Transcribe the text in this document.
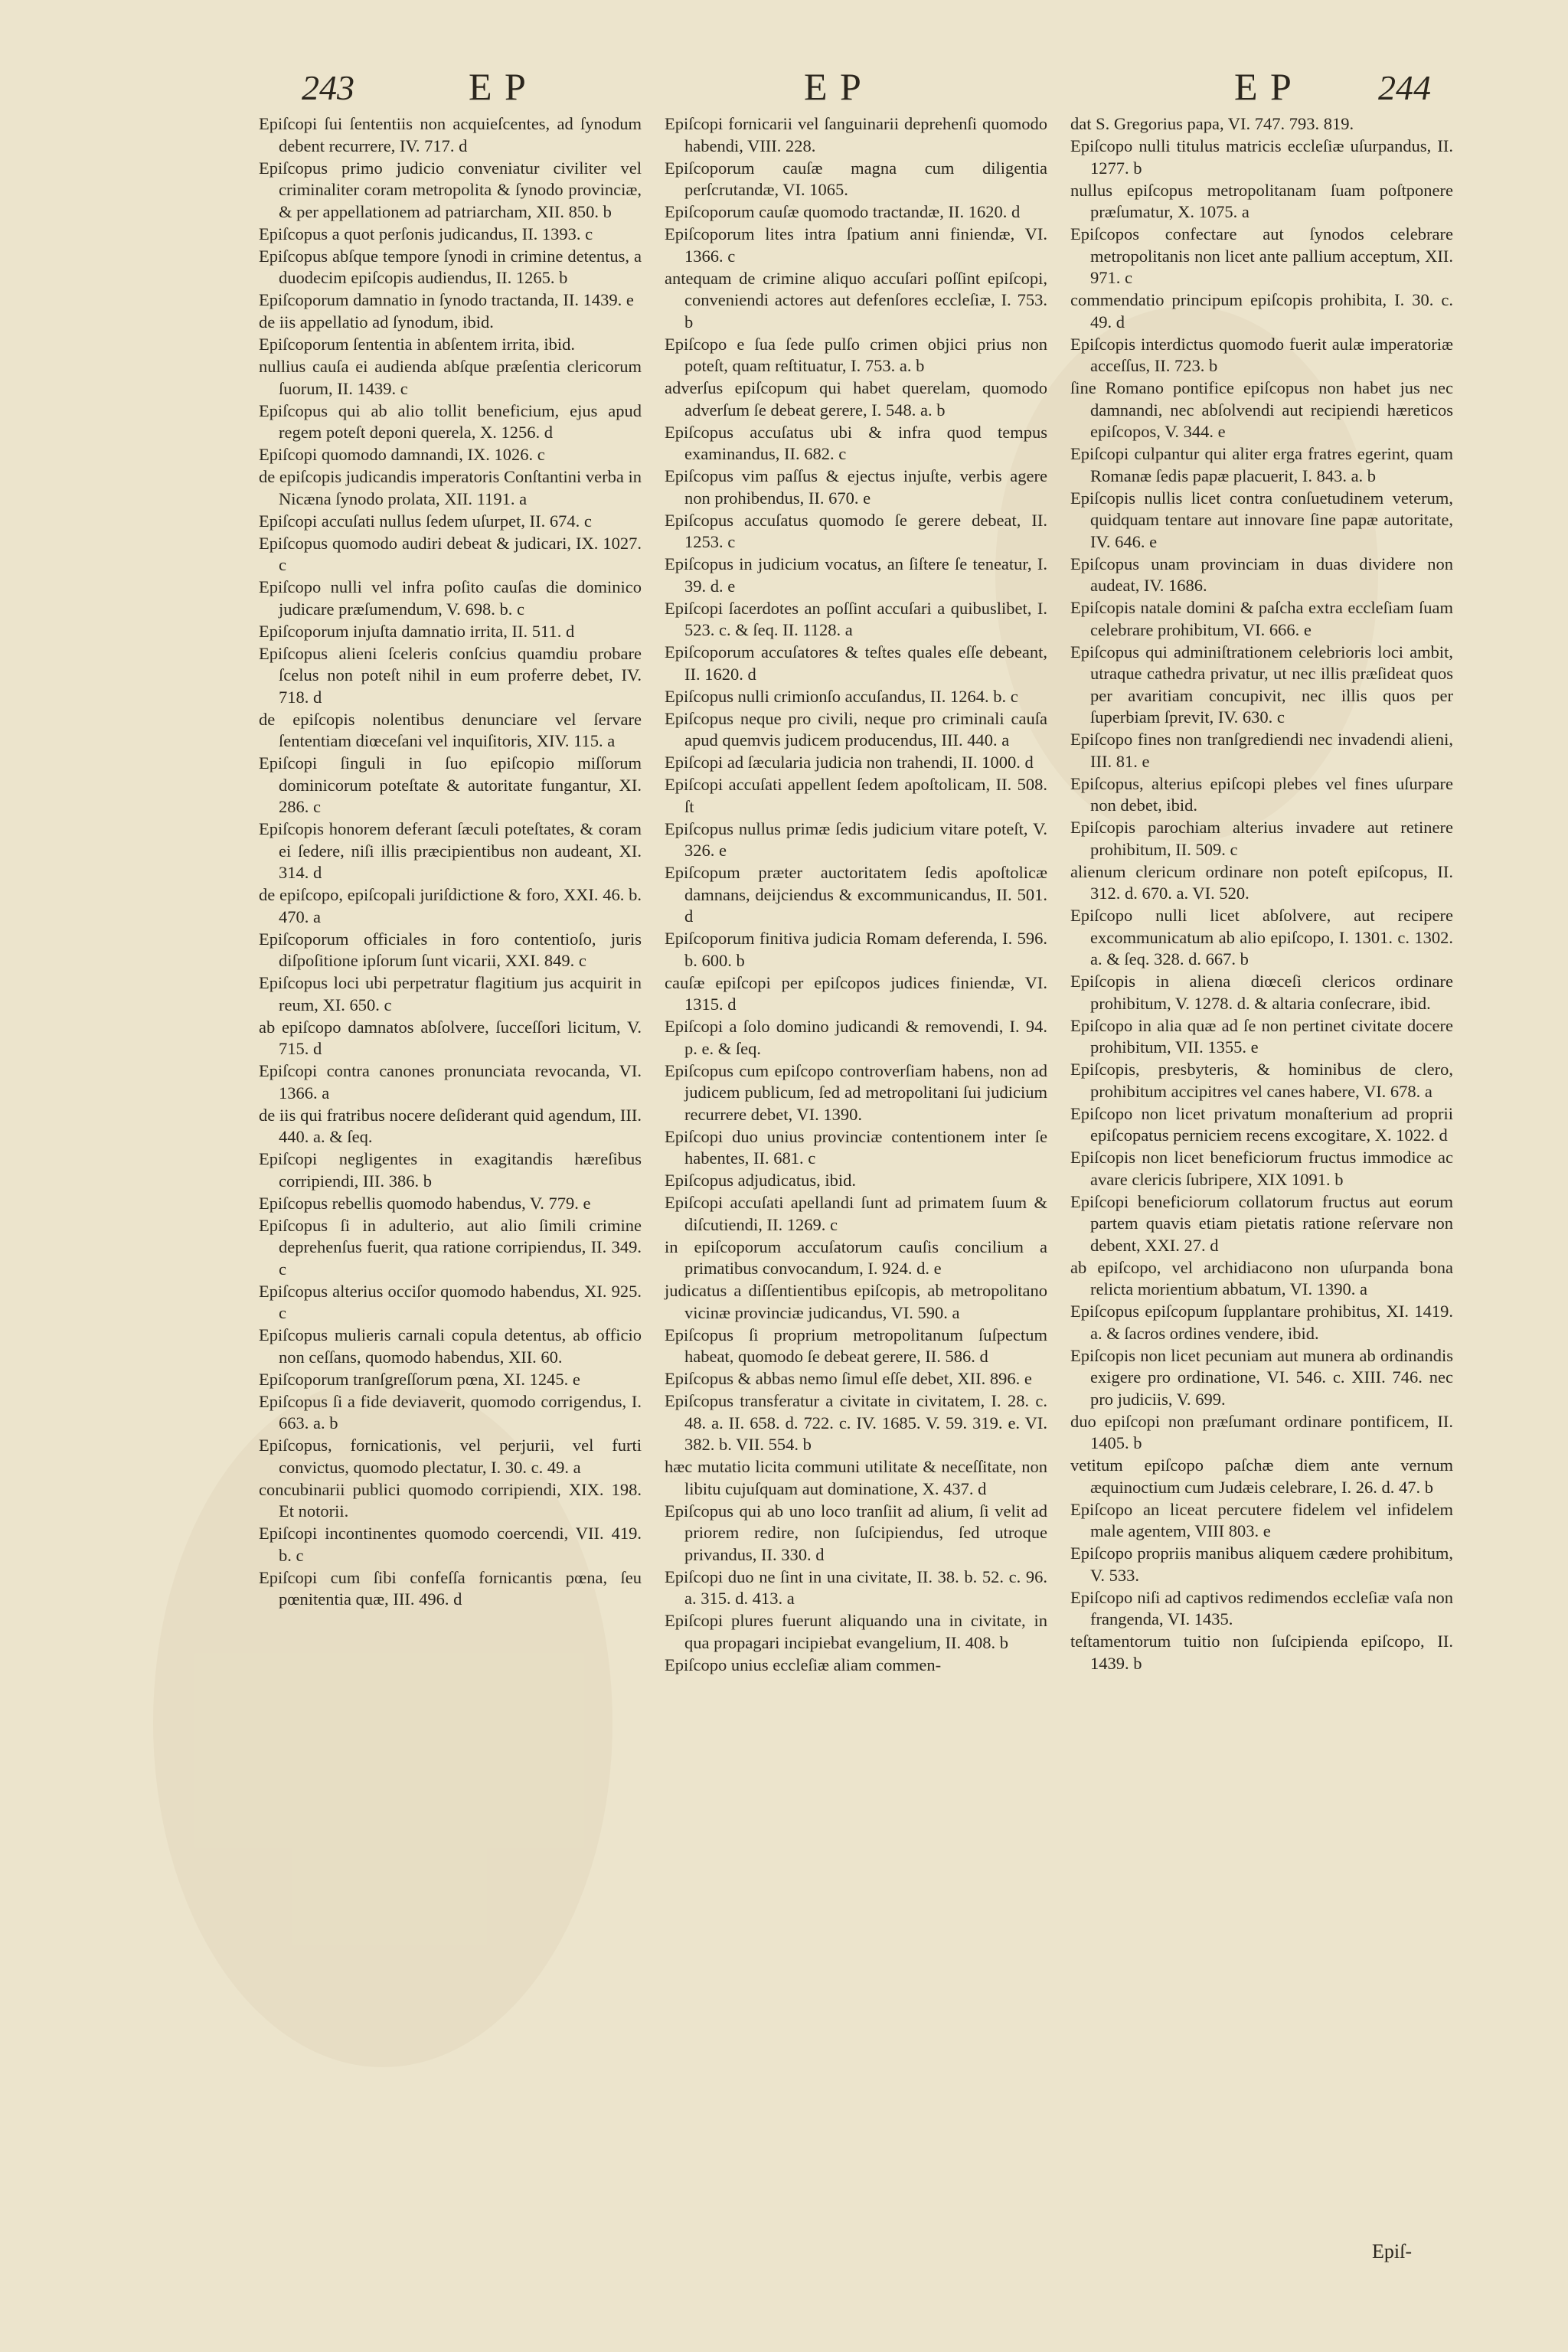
243	E P	E P	E P 244
Epiſcopi ſui ſententiis non acquieſcentes, ad ſynodum debent recurrere, IV. 717. d
Epiſcopus primo judicio conveniatur civiliter vel criminaliter coram metropolita & ſynodo provinciæ, & per appellationem ad patriarcham, XII. 850. b
Epiſcopus a quot perſonis judicandus, II. 1393. c
Epiſcopus abſque tempore ſynodi in crimine detentus, a duodecim epiſcopis audiendus, II. 1265. b
Epiſcoporum damnatio in ſynodo tractanda, II. 1439. e
de iis appellatio ad ſynodum, ibid.
Epiſcoporum ſententia in abſentem irrita, ibid.
nullius cauſa ei audienda abſque præſentia clericorum ſuorum, II. 1439. c
Epiſcopus qui ab alio tollit beneficium, ejus apud regem poteſt deponi querela, X. 1256. d
Epiſcopi quomodo damnandi, IX. 1026. c
de epiſcopis judicandis imperatoris Conſtantini verba in Nicæna ſynodo prolata, XII. 1191. a
Epiſcopi accuſati nullus ſedem uſurpet, II. 674. c
Epiſcopus quomodo audiri debeat & judicari, IX. 1027. c
Epiſcopo nulli vel infra poſito cauſas die dominico judicare præſumendum, V. 698. b. c
Epiſcoporum injuſta damnatio irrita, II. 511. d
Epiſcopus alieni ſceleris conſcius quamdiu probare ſcelus non poteſt nihil in eum proferre debet, IV. 718. d
de epiſcopis nolentibus denunciare vel ſervare ſententiam diœceſani vel inquiſitoris, XIV. 115. a
Epiſcopi ſinguli in ſuo epiſcopio miſſorum dominicorum poteſtate & autoritate fungantur, XI. 286. c
Epiſcopis honorem deferant ſæculi poteſtates, & coram ei ſedere, niſi illis præcipientibus non audeant, XI. 314. d
de epiſcopo, epiſcopali juriſdictione & foro, XXI. 46. b. 470. a
Epiſcoporum officiales in foro contentioſo, juris diſpoſitione ipſorum ſunt vicarii, XXI. 849. c
Epiſcopus loci ubi perpetratur flagitium jus acquirit in reum, XI. 650. c
ab epiſcopo damnatos abſolvere, ſucceſſori licitum, V. 715. d
Epiſcopi contra canones pronunciata revocanda, VI. 1366. a
de iis qui fratribus nocere deſiderant quid agendum, III. 440. a. & ſeq.
Epiſcopi negligentes in exagitandis hæreſibus corripiendi, III. 386. b
Epiſcopus rebellis quomodo habendus, V. 779. e
Epiſcopus ſi in adulterio, aut alio ſimili crimine deprehenſus fuerit, qua ratione corripiendus, II. 349. c
Epiſcopus alterius occiſor quomodo habendus, XI. 925. c
Epiſcopus mulieris carnali copula detentus, ab officio non ceſſans, quomodo habendus, XII. 60.
Epiſcoporum tranſgreſſorum pœna, XI. 1245. e
Epiſcopus ſi a fide deviaverit, quomodo corrigendus, I. 663. a. b
Epiſcopus, fornicationis, vel perjurii, vel furti convictus, quomodo plectatur, I. 30. c. 49. a
concubinarii publici quomodo corripiendi, XIX. 198. Et notorii.
Epiſcopi incontinentes quomodo coercendi, VII. 419. b. c
Epiſcopi cum ſibi confeſſa fornicantis pœna, ſeu pœnitentia quæ, III. 496. d
Epiſcopi fornicarii vel ſanguinarii deprehenſi quomodo habendi, VIII. 228.
Epiſcoporum cauſæ magna cum diligentia perſcrutandæ, VI. 1065.
Epiſcoporum cauſæ quomodo tractandæ, II. 1620. d
Epiſcoporum lites intra ſpatium anni finiendæ, VI. 1366. c
antequam de crimine aliquo accuſari poſſint epiſcopi, conveniendi actores aut defenſores eccleſiæ, I. 753. b
Epiſcopo e ſua ſede pulſo crimen objici prius non poteſt, quam reſtituatur, I. 753. a. b
adverſus epiſcopum qui habet querelam, quomodo adverſum ſe debeat gerere, I. 548. a. b
Epiſcopus accuſatus ubi & infra quod tempus examinandus, II. 682. c
Epiſcopus vim paſſus & ejectus injuſte, verbis agere non prohibendus, II. 670. e
Epiſcopus accuſatus quomodo ſe gerere debeat, II. 1253. c
Epiſcopus in judicium vocatus, an ſiſtere ſe teneatur, I. 39. d. e
Epiſcopi ſacerdotes an poſſint accuſari a quibuslibet, I. 523. c. & ſeq. II. 1128. a
Epiſcoporum accuſatores & teſtes quales eſſe debeant, II. 1620. d
Epiſcopus nulli crimionſo accuſandus, II. 1264. b. c
Epiſcopus neque pro civili, neque pro criminali cauſa apud quemvis judicem producendus, III. 440. a
Epiſcopi ad ſæcularia judicia non trahendi, II. 1000. d
Epiſcopi accuſati appellent ſedem apoſtolicam, II. 508. ſt
Epiſcopus nullus primæ ſedis judicium vitare poteſt, V. 326. e
Epiſcopum præter auctoritatem ſedis apoſtolicæ damnans, deijciendus & excommunicandus, II. 501. d
Epiſcoporum finitiva judicia Romam deferenda, I. 596. b. 600. b
cauſæ epiſcopi per epiſcopos judices finiendæ, VI. 1315. d
Epiſcopi a ſolo domino judicandi & removendi, I. 94. p. e. & ſeq.
Epiſcopus cum epiſcopo controverſiam habens, non ad judicem publicum, ſed ad metropolitani ſui judicium recurrere debet, VI. 1390.
Epiſcopi duo unius provinciæ contentionem inter ſe habentes, II. 681. c
Epiſcopus adjudicatus, ibid.
Epiſcopi accuſati apellandi ſunt ad primatem ſuum & diſcutiendi, II. 1269. c
in epiſcoporum accuſatorum cauſis concilium a primatibus convocandum, I. 924. d. e
judicatus a diſſentientibus epiſcopis, ab metropolitano vicinæ provinciæ judicandus, VI. 590. a
Epiſcopus ſi proprium metropolitanum ſuſpectum habeat, quomodo ſe debeat gerere, II. 586. d
Epiſcopus & abbas nemo ſimul eſſe debet, XII. 896. e
Epiſcopus transferatur a civitate in civitatem, I. 28. c. 48. a. II. 658. d. 722. c. IV. 1685. V. 59. 319. e. VI. 382. b. VII. 554. b
hæc mutatio licita communi utilitate & neceſſitate, non libitu cujuſquam aut dominatione, X. 437. d
Epiſcopus qui ab uno loco tranſiit ad alium, ſi velit ad priorem redire, non ſuſcipiendus, ſed utroque privandus, II. 330. d
Epiſcopi duo ne ſint in una civitate, II. 38. b. 52. c. 96. a. 315. d. 413. a
Epiſcopi plures fuerunt aliquando una in civitate, in qua propagari incipiebat evangelium, II. 408. b
Epiſcopo unius eccleſiæ aliam commen-
dat S. Gregorius papa, VI. 747. 793. 819.
Epiſcopo nulli titulus matricis eccleſiæ uſurpandus, II. 1277. b
nullus epiſcopus metropolitanam ſuam poſtponere præſumatur, X. 1075. a
Epiſcopos confectare aut ſynodos celebrare metropolitanis non licet ante pallium acceptum, XII. 971. c
commendatio principum epiſcopis prohibita, I. 30. c. 49. d
Epiſcopis interdictus quomodo fuerit aulæ imperatoriæ acceſſus, II. 723. b
ſine Romano pontifice epiſcopus non habet jus nec damnandi, nec abſolvendi aut recipiendi hæreticos epiſcopos, V. 344. e
Epiſcopi culpantur qui aliter erga fratres egerint, quam Romanæ ſedis papæ placuerit, I. 843. a. b
Epiſcopis nullis licet contra conſuetudinem veterum, quidquam tentare aut innovare ſine papæ autoritate, IV. 646. e
Epiſcopus unam provinciam in duas dividere non audeat, IV. 1686.
Epiſcopis natale domini & paſcha extra eccleſiam ſuam celebrare prohibitum, VI. 666. e
Epiſcopus qui adminiſtrationem celebrioris loci ambit, utraque cathedra privatur, ut nec illis præſideat quos per avaritiam concupivit, nec illis quos per ſuperbiam ſprevit, IV. 630. c
Epiſcopo fines non tranſgrediendi nec invadendi alieni, III. 81. e
Epiſcopus, alterius epiſcopi plebes vel fines uſurpare non debet, ibid.
Epiſcopis parochiam alterius invadere aut retinere prohibitum, II. 509. c
alienum clericum ordinare non poteſt epiſcopus, II. 312. d. 670. a. VI. 520.
Epiſcopo nulli licet abſolvere, aut recipere excommunicatum ab alio epiſcopo, I. 1301. c. 1302. a. & ſeq. 328. d. 667. b
Epiſcopis in aliena diœceſi clericos ordinare prohibitum, V. 1278. d. & altaria conſecrare, ibid.
Epiſcopo in alia quæ ad ſe non pertinet civitate docere prohibitum, VII. 1355. e
Epiſcopis, presbyteris, & hominibus de clero, prohibitum accipitres vel canes habere, VI. 678. a
Epiſcopo non licet privatum monaſterium ad proprii epiſcopatus perniciem recens excogitare, X. 1022. d
Epiſcopis non licet beneficiorum fructus immodice ac avare clericis ſubripere, XIX 1091. b
Epiſcopi beneficiorum collatorum fructus aut eorum partem quavis etiam pietatis ratione reſervare non debent, XXI. 27. d
ab epiſcopo, vel archidiacono non uſurpanda bona relicta morientium abbatum, VI. 1390. a
Epiſcopus epiſcopum ſupplantare prohibitus, XI. 1419. a. & ſacros ordines vendere, ibid.
Epiſcopis non licet pecuniam aut munera ab ordinandis exigere pro ordinatione, VI. 546. c. XIII. 746. nec pro judiciis, V. 699.
duo epiſcopi non præſumant ordinare pontificem, II. 1405. b
vetitum epiſcopo paſchæ diem ante vernum æquinoctium cum Judæis celebrare, I. 26. d. 47. b
Epiſcopo an liceat percutere fidelem vel infidelem male agentem, VIII 803. e
Epiſcopo propriis manibus aliquem cædere prohibitum, V. 533.
Epiſcopo niſi ad captivos redimendos eccleſiæ vaſa non frangenda, VI. 1435.
teſtamentorum tuitio non ſuſcipienda epiſcopo, II. 1439. b
Epiſ-
